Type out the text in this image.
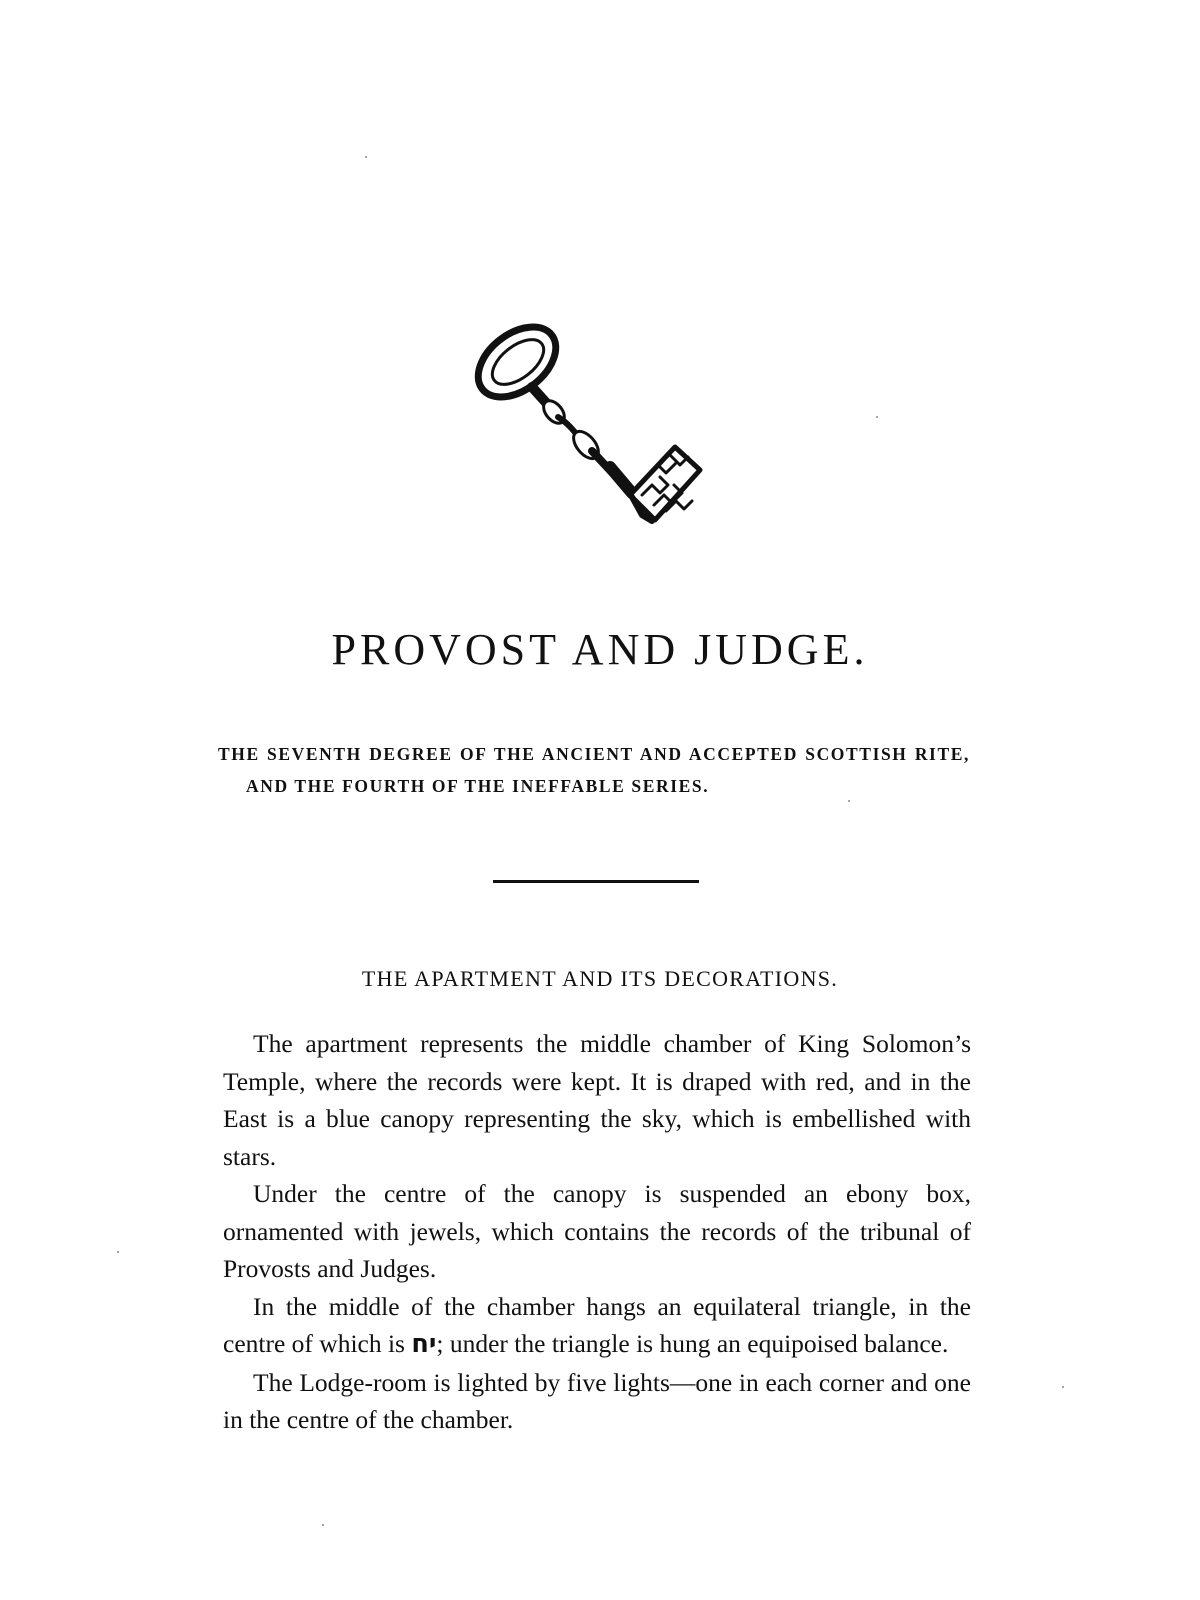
PROVOST AND JUDGE.

THE SEVENTH DEGREE OF THE ANCIENT AND ACCEPTED SCOTTISH RITE, AND THE FOURTH OF THE INEFFABLE SERIES.

THE APARTMENT AND ITS DECORATIONS.

The apartment represents the middle chamber of King Solomon’s Temple, where the records were kept. It is draped with red, and in the East is a blue canopy representing the sky, which is embellished with stars.

Under the centre of the canopy is suspended an ebony box, ornamented with jewels, which contains the records of the tribunal of Provosts and Judges.

In the middle of the chamber hangs an equilateral triangle, in the centre of which is יח; under the triangle is hung an equipoised balance.

The Lodge-room is lighted by five lights—one in each corner and one in the centre of the chamber.
